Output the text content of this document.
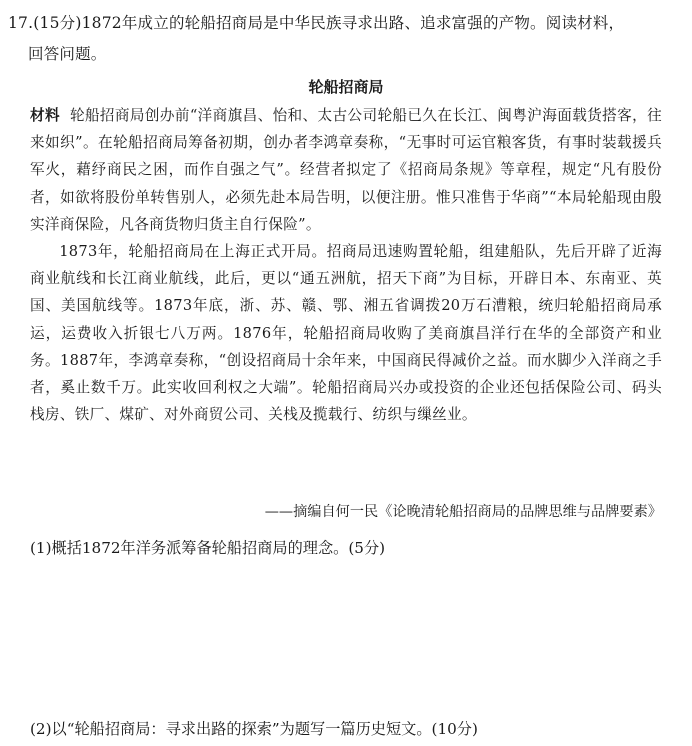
17.(15分)1872年成立的轮船招商局是中华民族寻求出路、追求富强的产物。阅读材料，
回答问题。
轮船招商局

材料 轮船招商局创办前“洋商旗昌、怡和、太古公司轮船已久在长江、闽粤沪海面载货搭客，往来如织”。在轮船招商局筹备初期，创办者李鸿章奏称，“无事时可运官粮客货，有事时装载援兵军火，藉纾商民之困，而作自强之气”。经营者拟定了《招商局条规》等章程，规定“凡有股份者，如欲将股份单转售别人，必须先赴本局告明，以便注册。惟只准售于华商”“本局轮船现由殷实洋商保险，凡各商货物归货主自行保险”。

1873年，轮船招商局在上海正式开局。招商局迅速购置轮船，组建船队，先后开辟了近海商业航线和长江商业航线，此后，更以“通五洲航，招天下商”为目标，开辟日本、东南亚、英国、美国航线等。1873年底，浙、苏、赣、鄂、湘五省调拨20万石漕粮，统归轮船招商局承运，运费收入折银七八万两。1876年，轮船招商局收购了美商旗昌洋行在华的全部资产和业务。1887年，李鸿章奏称，“创设招商局十余年来，中国商民得减价之益。而水脚少入洋商之手者，奚止数千万。此实收回利权之大端”。轮船招商局兴办或投资的企业还包括保险公司、码头栈房、铁厂、煤矿、对外商贸公司、关栈及揽载行、纺织与缫丝业。

——摘编自何一民《论晚清轮船招商局的品牌思维与品牌要素》
(1)概括1872年洋务派筹备轮船招商局的理念。(5分)
(2)以“轮船招商局：寻求出路的探索”为题写一篇历史短文。(10分)
